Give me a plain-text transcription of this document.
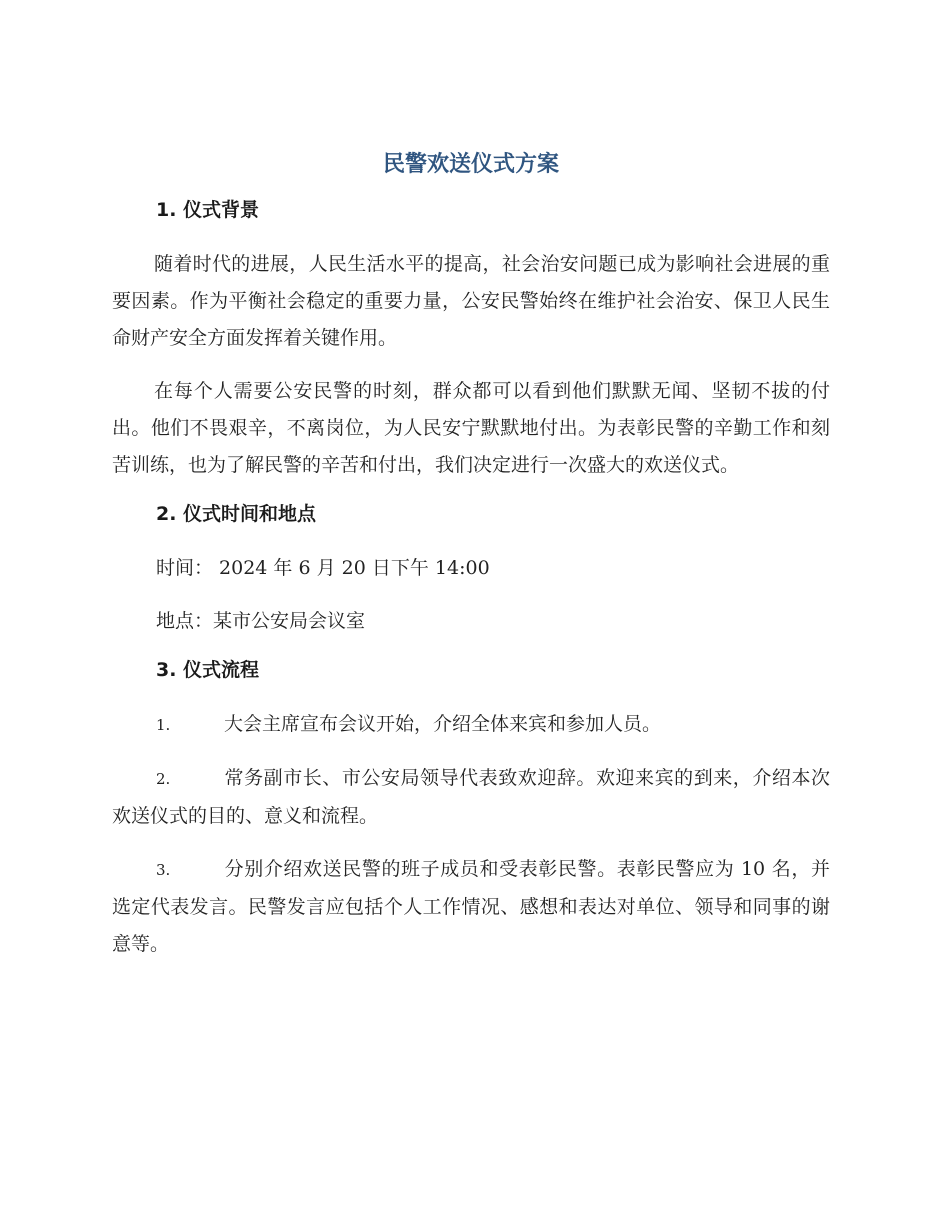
民警欢送仪式方案
1. 仪式背景

随着时代的进展，人民生活水平的提高，社会治安问题已成为影响社会进展的重要因素。作为平衡社会稳定的重要力量，公安民警始终在维护社会治安、保卫人民生命财产安全方面发挥着关键作用。

在每个人需要公安民警的时刻，群众都可以看到他们默默无闻、坚韧不拔的付出。他们不畏艰辛，不离岗位，为人民安宁默默地付出。为表彰民警的辛勤工作和刻苦训练，也为了解民警的辛苦和付出，我们决定进行一次盛大的欢送仪式。

2. 仪式时间和地点

时间： 2024 年 6 月 20 日下午 14:00

地点：某市公安局会议室

3. 仪式流程

1.	大会主席宣布会议开始，介绍全体来宾和参加人员。

2.	常务副市长、市公安局领导代表致欢迎辞。欢迎来宾的到来，介绍本次欢送仪式的目的、意义和流程。

3.	分别介绍欢送民警的班子成员和受表彰民警。表彰民警应为 10 名，并选定代表发言。民警发言应包括个人工作情况、感想和表达对单位、领导和同事的谢意等。
